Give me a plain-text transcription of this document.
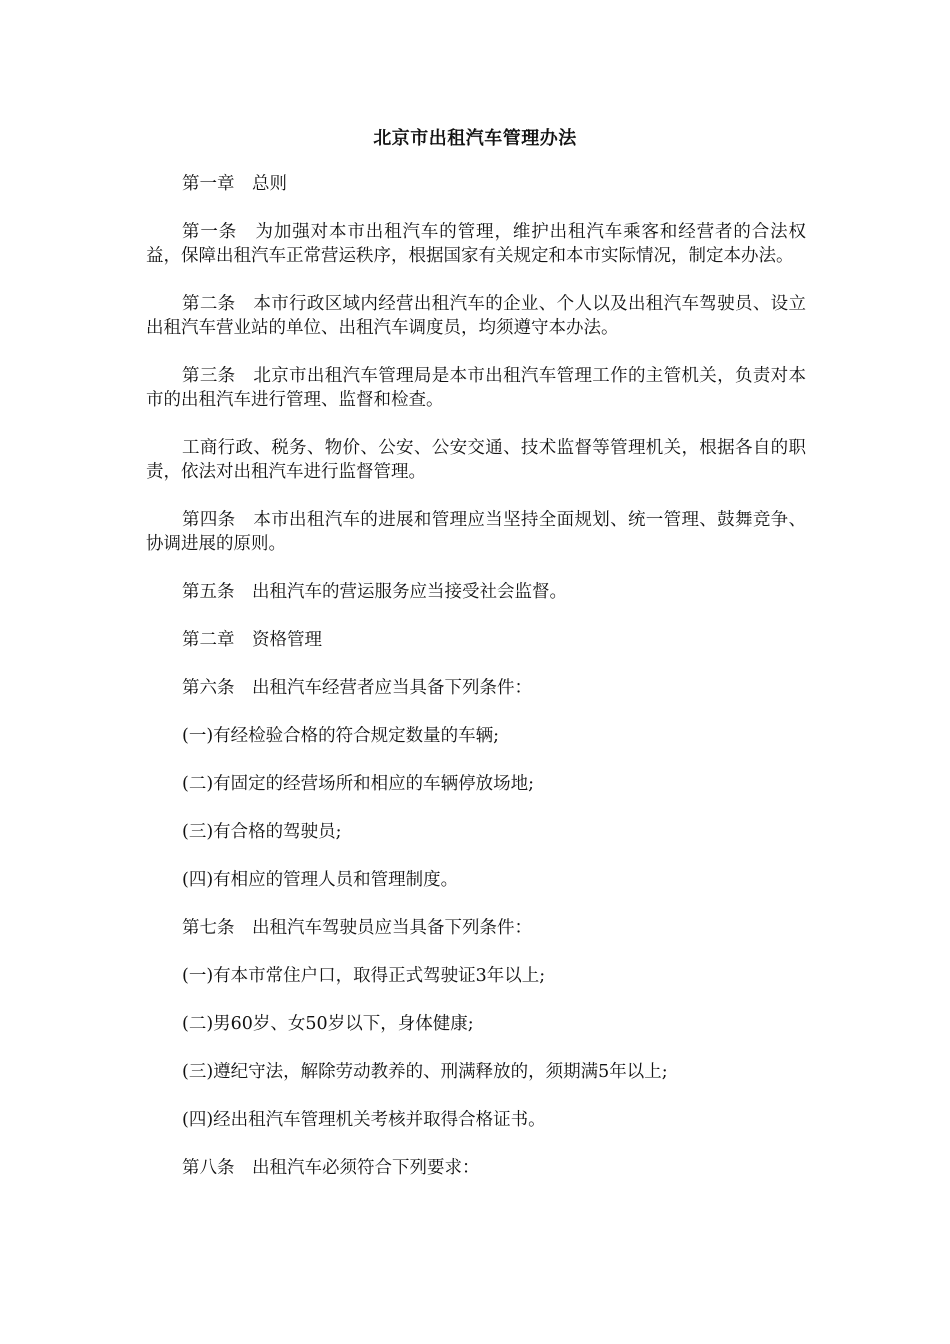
北京市出租汽车管理办法

第一章　总则

第一条　为加强对本市出租汽车的管理，维护出租汽车乘客和经营者的合法权益，保障出租汽车正常营运秩序，根据国家有关规定和本市实际情况，制定本办法。

第二条　本市行政区域内经营出租汽车的企业、个人以及出租汽车驾驶员、设立出租汽车营业站的单位、出租汽车调度员，均须遵守本办法。

第三条　北京市出租汽车管理局是本市出租汽车管理工作的主管机关，负责对本市的出租汽车进行管理、监督和检查。

工商行政、税务、物价、公安、公安交通、技术监督等管理机关，根据各自的职责，依法对出租汽车进行监督管理。

第四条　本市出租汽车的进展和管理应当坚持全面规划、统一管理、鼓舞竞争、协调进展的原则。

第五条　出租汽车的营运服务应当接受社会监督。

第二章　资格管理

第六条　出租汽车经营者应当具备下列条件：

(一)有经检验合格的符合规定数量的车辆;

(二)有固定的经营场所和相应的车辆停放场地;

(三)有合格的驾驶员;

(四)有相应的管理人员和管理制度。

第七条　出租汽车驾驶员应当具备下列条件：

(一)有本市常住户口，取得正式驾驶证3年以上;

(二)男60岁、女50岁以下，身体健康;

(三)遵纪守法，解除劳动教养的、刑满释放的，须期满5年以上;

(四)经出租汽车管理机关考核并取得合格证书。

第八条　出租汽车必须符合下列要求：
